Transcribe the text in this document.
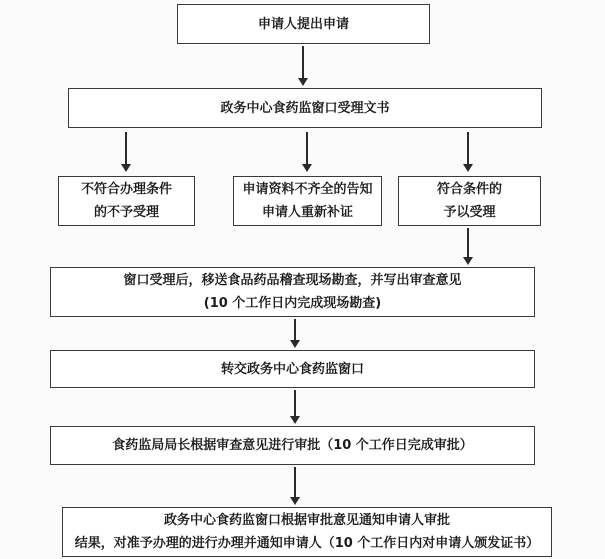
申请人提出申请
政务中心食药监窗口受理文书
不符合办理条件
的不予受理
申请资料不齐全的告知
申请人重新补证
符合条件的
予以受理
窗口受理后，移送食品药品稽查现场勘查，并写出审查意见
(10 个工作日内完成现场勘查)
转交政务中心食药监窗口
食药监局局长根据审查意见进行审批（10 个工作日完成审批）
政务中心食药监窗口根据审批意见通知申请人审批
结果，对准予办理的进行办理并通知申请人（10 个工作日内对申请人颁发证书）
